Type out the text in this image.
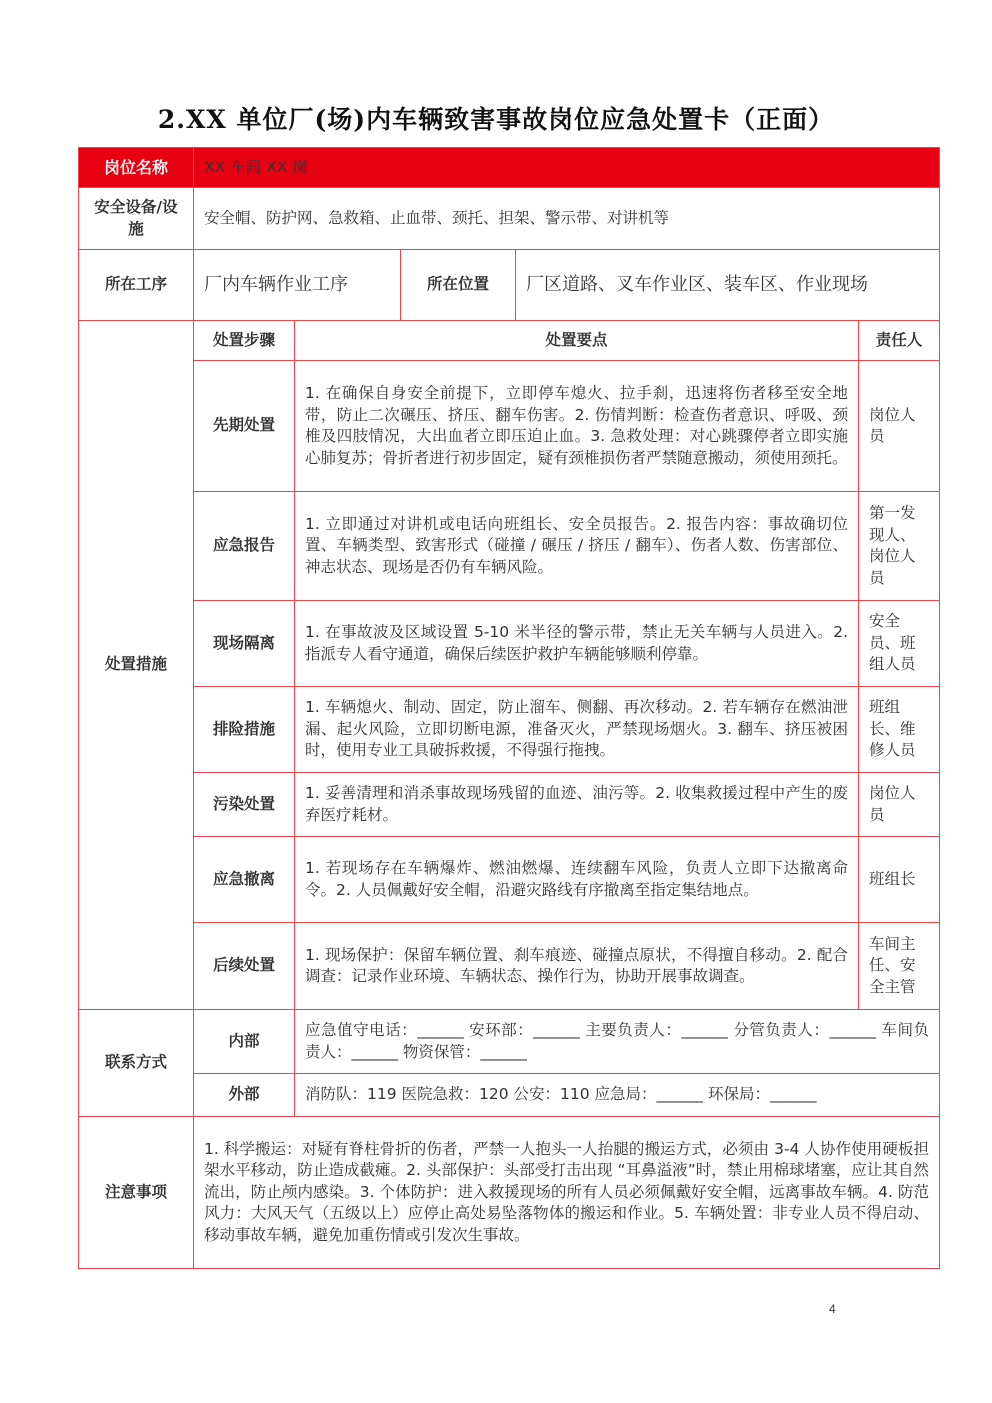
2.XX 单位厂(场)内车辆致害事故岗位应急处置卡（正面）
岗位名称	XX 车间 XX 岗				
安全设备/设施	安全帽、防护网、急救箱、止血带、颈托、担架、警示带、对讲机等				
所在工序	厂内车辆作业工序		所在位置	厂区道路、叉车作业区、装车区、作业现场	
处置措施	处置步骤	处置要点			责任人
	先期处置	1. 在确保自身安全前提下，立即停车熄火、拉手刹，迅速将伤者移至安全地带，防止二次碾压、挤压、翻车伤害。2. 伤情判断：检查伤者意识、呼吸、颈椎及四肢情况，大出血者立即压迫止血。3. 急救处理：对心跳骤停者立即实施心肺复苏；骨折者进行初步固定，疑有颈椎损伤者严禁随意搬动，须使用颈托。			岗位人员
	应急报告	1. 立即通过对讲机或电话向班组长、安全员报告。2. 报告内容：事故确切位置、车辆类型、致害形式（碰撞 / 碾压 / 挤压 / 翻车）、伤者人数、伤害部位、神志状态、现场是否仍有车辆风险。			第一发现人、岗位人员
	现场隔离	1. 在事故波及区域设置 5-10 米半径的警示带，禁止无关车辆与人员进入。2. 指派专人看守通道，确保后续医护救护车辆能够顺利停靠。			安全员、班组人员
	排险措施	1. 车辆熄火、制动、固定，防止溜车、侧翻、再次移动。2. 若车辆存在燃油泄漏、起火风险，立即切断电源，准备灭火，严禁现场烟火。3. 翻车、挤压被困时，使用专业工具破拆救援，不得强行拖拽。			班组长、维修人员
	污染处置	1. 妥善清理和消杀事故现场残留的血迹、油污等。2. 收集救援过程中产生的废弃医疗耗材。			岗位人员
	应急撤离	1. 若现场存在车辆爆炸、燃油燃爆、连续翻车风险，负责人立即下达撤离命令。2. 人员佩戴好安全帽，沿避灾路线有序撤离至指定集结地点。			班组长
	后续处置	1. 现场保护：保留车辆位置、刹车痕迹、碰撞点原状，不得擅自移动。2. 配合调查：记录作业环境、车辆状态、操作行为，协助开展事故调查。			车间主任、安全主管
联系方式	内部	应急值守电话：______ 安环部：______ 主要负责人：______ 分管负责人：______ 车间负责人：______ 物资保管：______			
	外部	消防队：119 医院急救：120 公安：110 应急局：______ 环保局：______			
注意事项	1. 科学搬运：对疑有脊柱骨折的伤者，严禁一人抱头一人抬腿的搬运方式，必须由 3-4 人协作使用硬板担架水平移动，防止造成截瘫。2. 头部保护：头部受打击出现 “耳鼻溢液”时，禁止用棉球堵塞，应让其自然流出，防止颅内感染。3. 个体防护：进入救援现场的所有人员必须佩戴好安全帽，远离事故车辆。4. 防范风力：大风天气（五级以上）应停止高处易坠落物体的搬运和作业。5. 车辆处置：非专业人员不得启动、移动事故车辆，避免加重伤情或引发次生事故。				
4
